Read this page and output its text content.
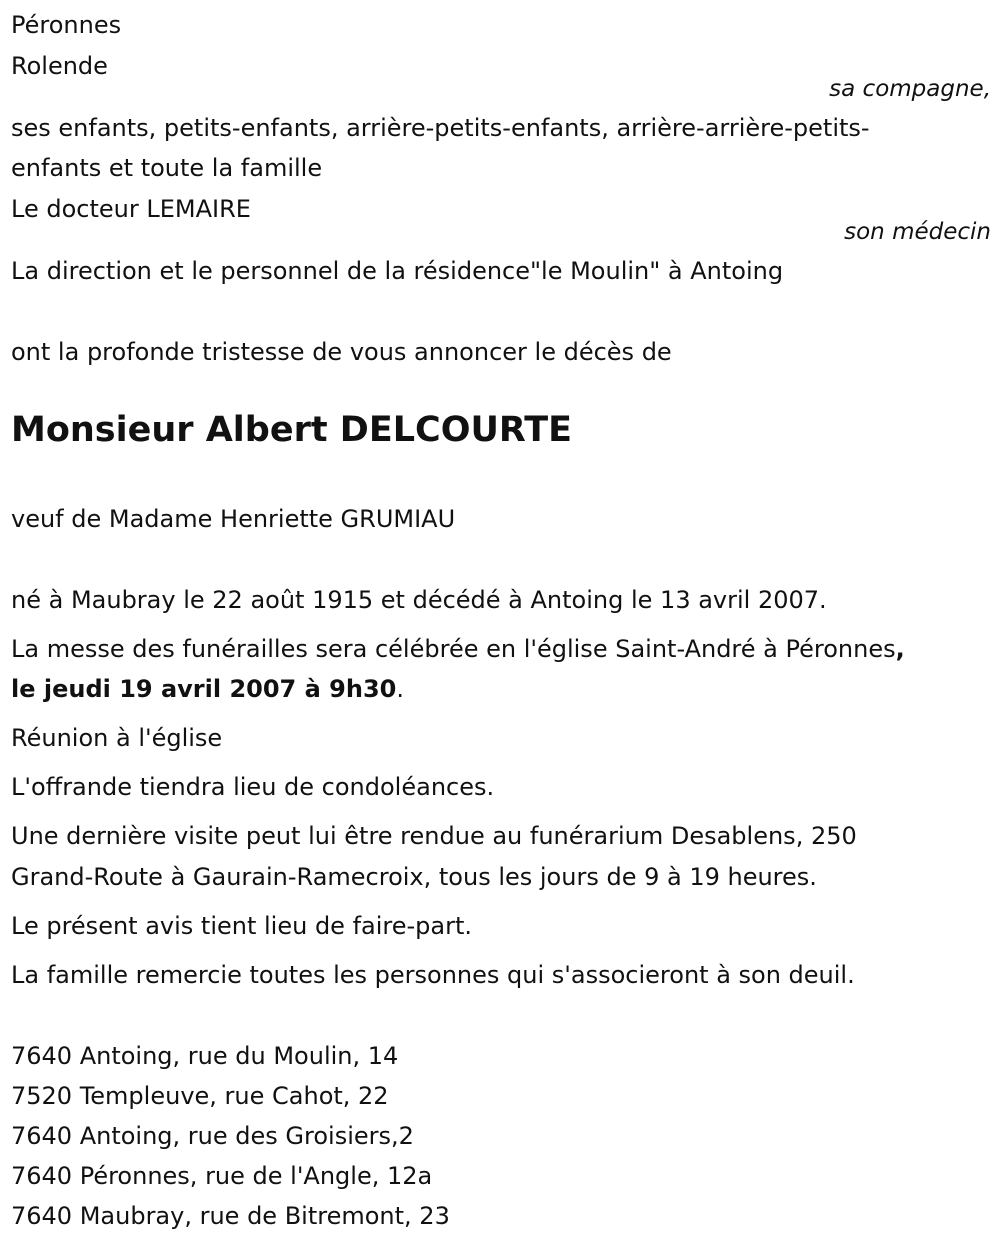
Péronnes
Rolende
sa compagne,
ses enfants, petits-enfants, arrière-petits-enfants, arrière-arrière-petits-
enfants et toute la famille
Le docteur LEMAIRE
son médecin
La direction et le personnel de la résidence"le Moulin" à Antoing
ont la profonde tristesse de vous annoncer le décès de
Monsieur Albert DELCOURTE
veuf de Madame Henriette GRUMIAU
né à Maubray le 22 août 1915 et décédé à Antoing le 13 avril 2007.
La messe des funérailles sera célébrée en l'église Saint-André à Péronnes,
le jeudi 19 avril 2007 à 9h30.
Réunion à l'église
L'offrande tiendra lieu de condoléances.
Une dernière visite peut lui être rendue au funérarium Desablens, 250
Grand-Route à Gaurain-Ramecroix, tous les jours de 9 à 19 heures.
Le présent avis tient lieu de faire-part.
La famille remercie toutes les personnes qui s'associeront à son deuil.
7640 Antoing, rue du Moulin, 14
7520 Templeuve, rue Cahot, 22
7640 Antoing, rue des Groisiers,2
7640 Péronnes, rue de l'Angle, 12a
7640 Maubray, rue de Bitremont, 23
